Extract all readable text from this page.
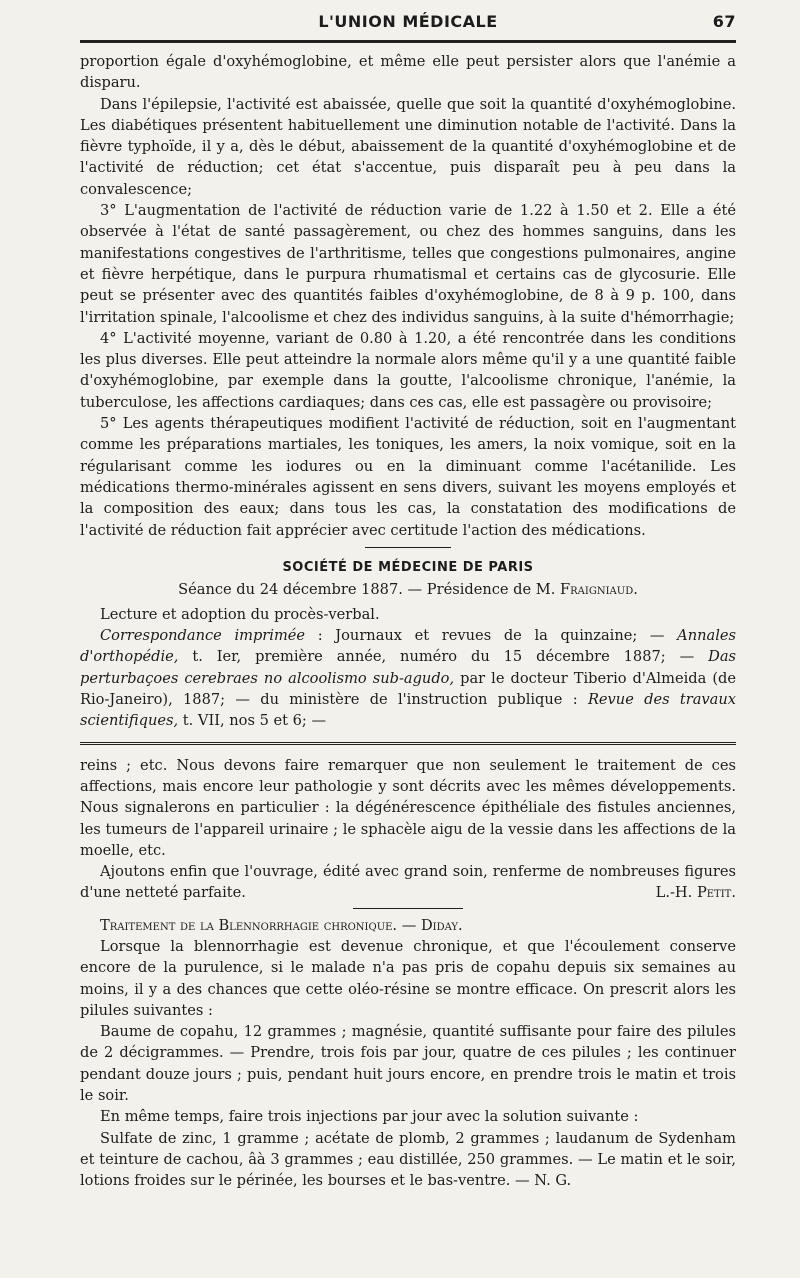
L'UNION MÉDICALE	67

proportion égale d'oxyhémoglobine, et même elle peut persister alors que l'anémie a disparu.

Dans l'épilepsie, l'activité est abaissée, quelle que soit la quantité d'oxyhémoglobine. Les diabétiques présentent habituellement une diminution notable de l'activité. Dans la fièvre typhoïde, il y a, dès le début, abaissement de la quantité d'oxyhémoglobine et de l'activité de réduction; cet état s'accentue, puis disparaît peu à peu dans la convalescence;

3° L'augmentation de l'activité de réduction varie de 1.22 à 1.50 et 2. Elle a été observée à l'état de santé passagèrement, ou chez des hommes sanguins, dans les manifestations congestives de l'arthritisme, telles que congestions pulmonaires, angine et fièvre herpétique, dans le purpura rhumatismal et certains cas de glycosurie. Elle peut se présenter avec des quantités faibles d'oxyhémoglobine, de 8 à 9 p. 100, dans l'irritation spinale, l'alcoolisme et chez des individus sanguins, à la suite d'hémorrhagie;

4° L'activité moyenne, variant de 0.80 à 1.20, a été rencontrée dans les conditions les plus diverses. Elle peut atteindre la normale alors même qu'il y a une quantité faible d'oxyhémoglobine, par exemple dans la goutte, l'alcoolisme chronique, l'anémie, la tuberculose, les affections cardiaques; dans ces cas, elle est passagère ou provisoire;

5° Les agents thérapeutiques modifient l'activité de réduction, soit en l'augmentant comme les préparations martiales, les toniques, les amers, la noix vomique, soit en la régularisant comme les iodures ou en la diminuant comme l'acétanilide. Les médications thermo-minérales agissent en sens divers, suivant les moyens employés et la composition des eaux; dans tous les cas, la constatation des modifications de l'activité de réduction fait apprécier avec certitude l'action des médications.

SOCIÉTÉ DE MÉDECINE DE PARIS
Séance du 24 décembre 1887. — Présidence de M. Fraigniaud.

Lecture et adoption du procès-verbal.

Correspondance imprimée : Journaux et revues de la quinzaine; — Annales d'orthopédie, t. Ier, première année, numéro du 15 décembre 1887; — Das perturbaçoes cerebraes no alcoolismo sub-agudo, par le docteur Tiberio d'Almeida (de Rio-Janeiro), 1887; — du ministère de l'instruction publique : Revue des travaux scientifiques, t. VII, nos 5 et 6; —

reins ; etc. Nous devons faire remarquer que non seulement le traitement de ces affections, mais encore leur pathologie y sont décrits avec les mêmes développements. Nous signalerons en particulier : la dégénérescence épithéliale des fistules anciennes, les tumeurs de l'appareil urinaire ; le sphacèle aigu de la vessie dans les affections de la moelle, etc.

Ajoutons enfin que l'ouvrage, édité avec grand soin, renferme de nombreuses figures d'une netteté parfaite.	L.-H. Petit.

Traitement de la Blennorrhagie chronique. — Diday.

Lorsque la blennorrhagie est devenue chronique, et que l'écoulement conserve encore de la purulence, si le malade n'a pas pris de copahu depuis six semaines au moins, il y a des chances que cette oléo-résine se montre efficace. On prescrit alors les pilules suivantes :

Baume de copahu, 12 grammes ; magnésie, quantité suffisante pour faire des pilules de 2 décigrammes. — Prendre, trois fois par jour, quatre de ces pilules ; les continuer pendant douze jours ; puis, pendant huit jours encore, en prendre trois le matin et trois le soir.

En même temps, faire trois injections par jour avec la solution suivante :

Sulfate de zinc, 1 gramme ; acétate de plomb, 2 grammes ; laudanum de Sydenham et teinture de cachou, âà 3 grammes ; eau distillée, 250 grammes. — Le matin et le soir, lotions froides sur le périnée, les bourses et le bas-ventre. — N. G.
